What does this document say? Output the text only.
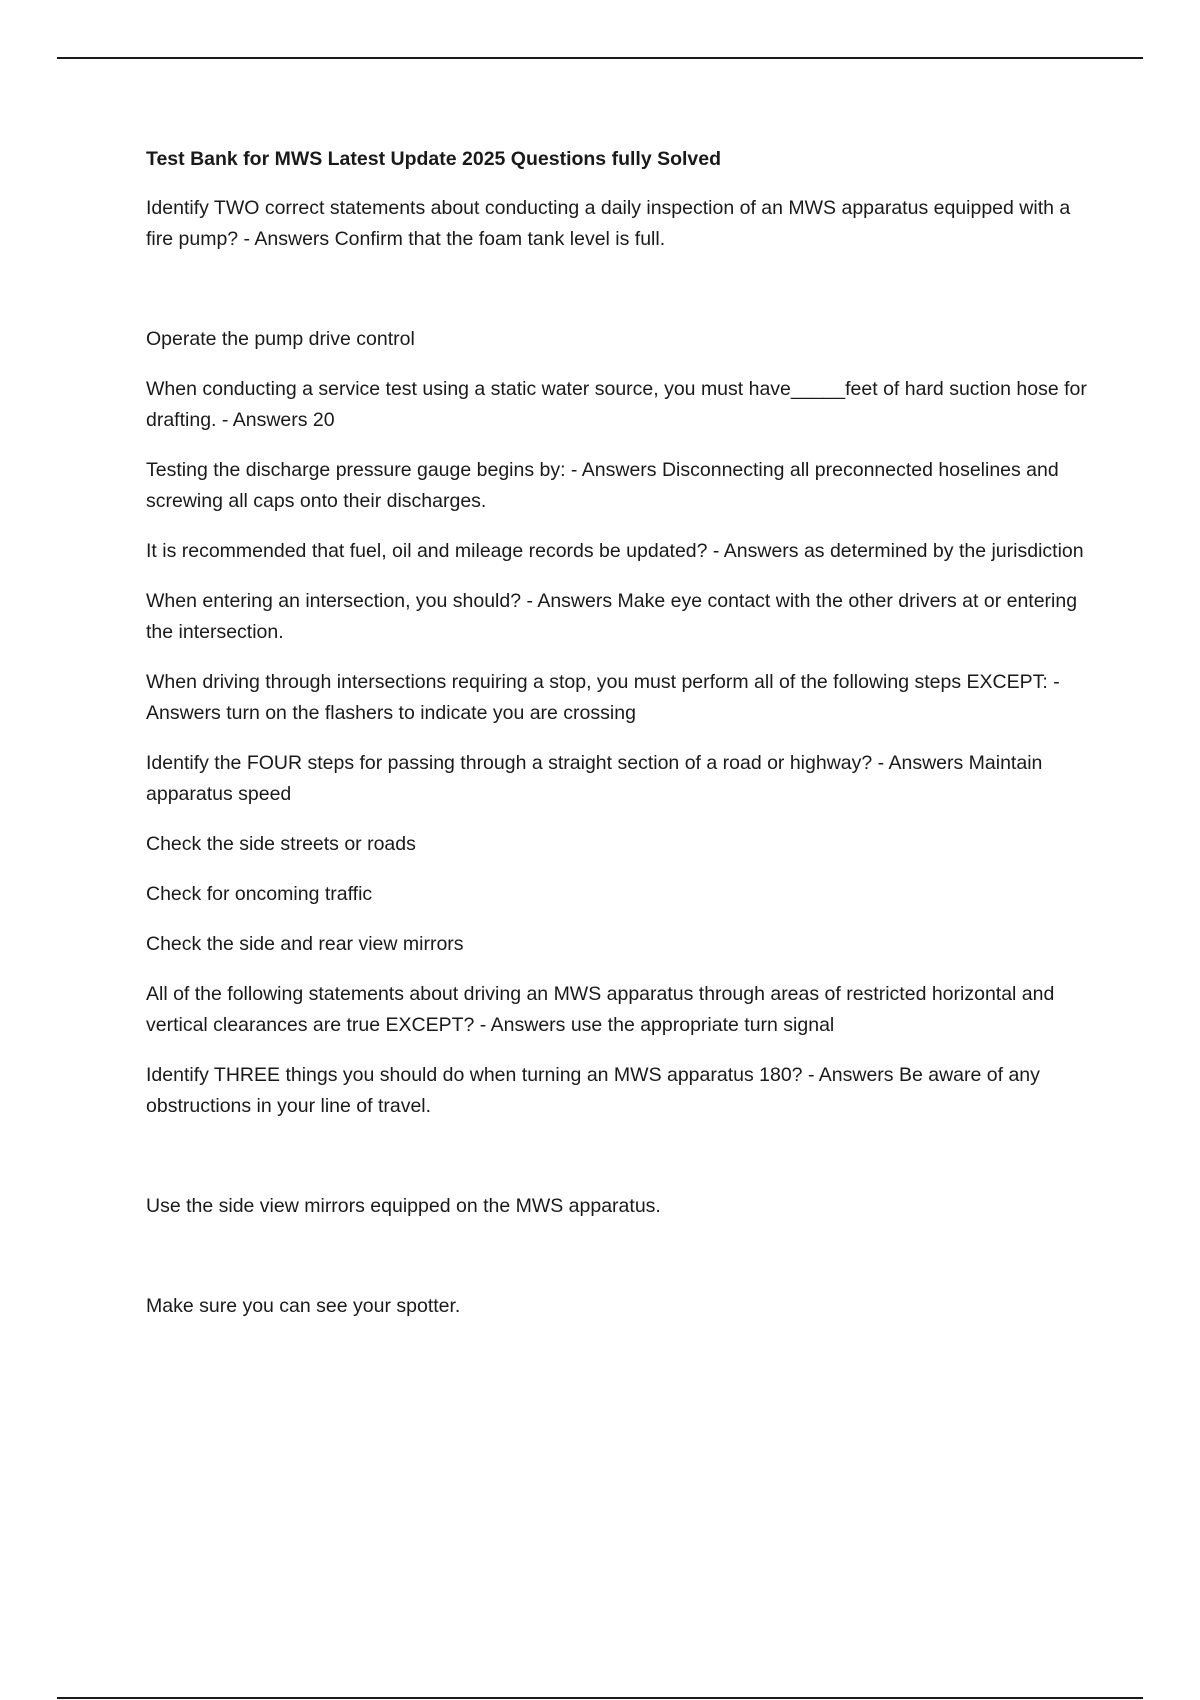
Test Bank for MWS Latest Update 2025 Questions fully Solved

Identify TWO correct statements about conducting a daily inspection of an MWS apparatus equipped with a fire pump? - Answers Confirm that the foam tank level is full.

Operate the pump drive control

When conducting a service test using a static water source, you must have_____feet of hard suction hose for drafting. - Answers 20

Testing the discharge pressure gauge begins by: - Answers Disconnecting all preconnected hoselines and screwing all caps onto their discharges.

It is recommended that fuel, oil and mileage records be updated? - Answers as determined by the jurisdiction

When entering an intersection, you should? - Answers Make eye contact with the other drivers at or entering the intersection.

When driving through intersections requiring a stop, you must perform all of the following steps EXCEPT: - Answers turn on the flashers to indicate you are crossing

Identify the FOUR steps for passing through a straight section of a road or highway? - Answers Maintain apparatus speed

Check the side streets or roads

Check for oncoming traffic

Check the side and rear view mirrors

All of the following statements about driving an MWS apparatus through areas of restricted horizontal and vertical clearances are true EXCEPT? - Answers use the appropriate turn signal

Identify THREE things you should do when turning an MWS apparatus 180? - Answers Be aware of any obstructions in your line of travel.

Use the side view mirrors equipped on the MWS apparatus.

Make sure you can see your spotter.
